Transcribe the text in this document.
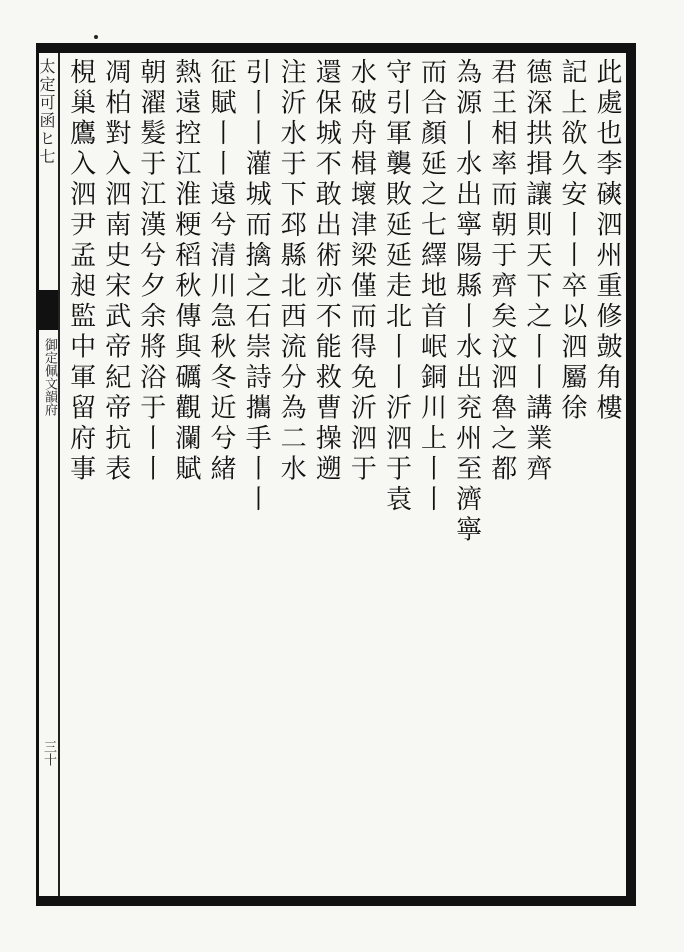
太定可函ヒ七
御定佩文韻府
三十
此處也李磢泗州重修皷角樓
記上欲久安丨丨卒以泗屬徐
德深拱揖讓則天下之丨丨講業齊
君王相率而朝于齊矣汶泗魯之都
為源丨水出寧陽縣丨水出兖州至濟寧
而合顏延之七繹地首岷銅川上丨丨
守引軍襲敗延延走北丨丨沂泗于袁
水破舟楫壞津梁僅而得免沂泗于
還保城不敢出術亦不能救曹操遡
注沂水于下邳縣北西流分為二水
引丨丨灌城而擒之石崇詩攜手丨丨
征賦丨丨遠兮清川急秋冬近兮緒
熱遠控江淮粳稻秋傳與礪觀瀾賦
朝濯髮于江漢兮夕余將浴于丨丨
凋柏對入泗南史宋武帝紀帝抗表
梘巢鷹入泗尹孟昶監中軍留府事
